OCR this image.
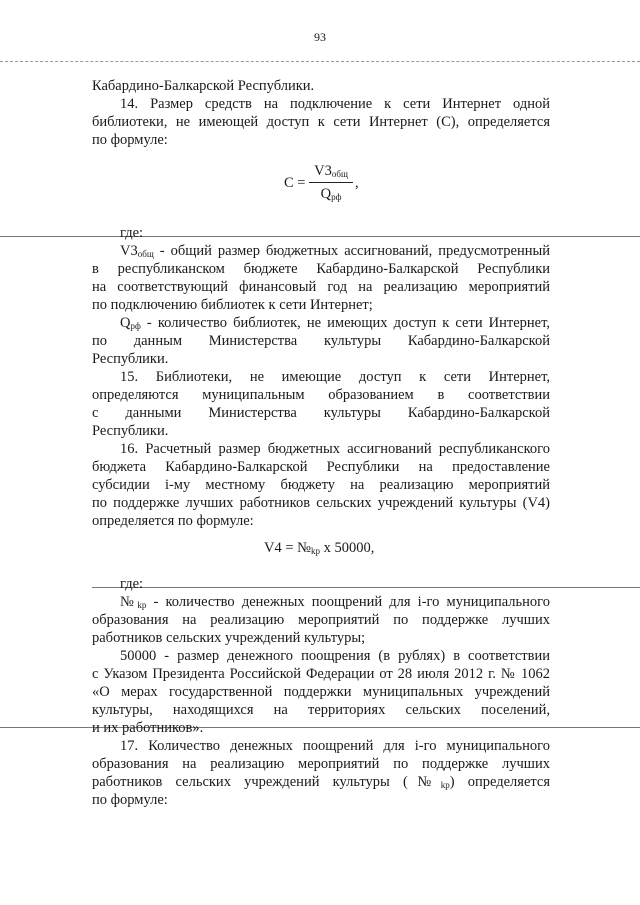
93
Кабардино-Балкарской Республики.
14. Размер средств на подключение к сети Интернет одной
библиотеки, не имеющей доступ к сети Интернет (С), определяется
по формуле:
C =
$V3_{общ}$
$Q_{рф}$
,
где:
$V3_{общ}$ - общий размер бюджетных ассигнований, предусмотренный
в республиканском бюджете Кабардино-Балкарской Республики
на соответствующий финансовый год на реализацию мероприятий
по подключению библиотек к сети Интернет;
$Q_{рф}$ - количество библиотек, не имеющих доступ к сети Интернет,
по данным Министерства культуры Кабардино-Балкарской
Республики.
15. Библиотеки, не имеющие доступ к сети Интернет,
определяются муниципальным образованием в соответствии
с данными Министерства культуры Кабардино-Балкарской
Республики.
16. Расчетный размер бюджетных ассигнований республиканского
бюджета Кабардино-Балкарской Республики на предоставление
субсидии i-му местному бюджету на реализацию мероприятий
по поддержке лучших работников сельских учреждений культуры (V4)
определяется по формуле:
$V4 = №_{kp}$ x 50000,
где:
$№_{kp}$ - количество денежных поощрений для i-го муниципального
образования на реализацию мероприятий по поддержке лучших
работников сельских учреждений культуры;
50000 - размер денежного поощрения (в рублях) в соответствии
с Указом Президента Российской Федерации от 28 июля 2012 г. № 1062
«О мерах государственной поддержки муниципальных учреждений
культуры, находящихся на территориях сельских поселений,
и их работников».
17. Количество денежных поощрений для i-го муниципального
образования на реализацию мероприятий по поддержке лучших
работников сельских учреждений культуры $(№_{kp})$ определяется
по формуле:
